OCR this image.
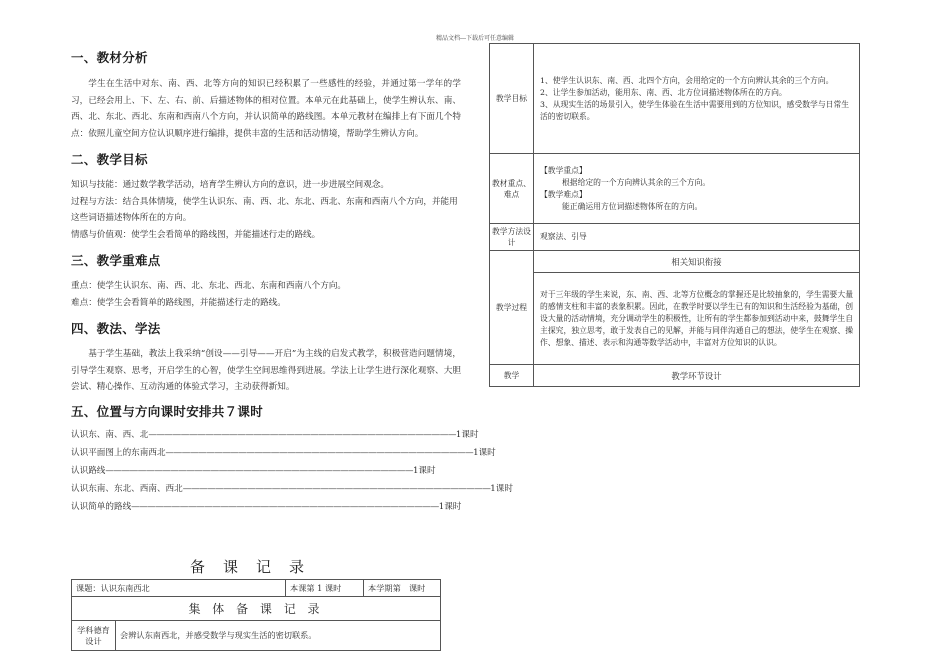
精品文档---下载后可任意编辑
一、教材分析
学生在生活中对东、南、西、北等方向的知识已经积累了一些感性的经验，并通过第一学年的学习，已经会用上、下、左、右、前、后描述物体的相对位置。本单元在此基础上，使学生辨认东、南、西、北、东北、西北、东南和西南八个方向，并认识简单的路线图。本单元教材在编排上有下面几个特点：依照儿童空间方位认识顺序进行编排，提供丰富的生活和活动情境，帮助学生辨认方向。
二、教学目标
知识与技能：通过数学教学活动，培育学生辨认方向的意识，进一步进展空间观念。
过程与方法：结合具体情境，使学生认识东、南、西、北、东北、西北、东南和西南八个方向，并能用这些词语描述物体所在的方向。
情感与价值观：使学生会看简单的路线图，并能描述行走的路线。
三、教学重难点
重点：使学生认识东、南、西、北、东北、西北、东南和西南八个方向。
难点：使学生会看简单的路线图，并能描述行走的路线。
四、教法、学法
基于学生基础，教法上我采纳“创设——引导——开启”为主线的启发式教学，积极营造问题情境，引导学生观察、思考，开启学生的心智，使学生空间思维得到进展。学法上让学生进行深化观察、大胆尝试、精心操作、互动沟通的体验式学习，主动获得新知。
五、位置与方向课时安排共７课时
认识东、南、西、北 —————————————————————————————————————— 1课时
认识平面图上的东南西北 —————————————————————————————————————— 1课时
认识路线 —————————————————————————————————————— 1课时
认识东南、东北、西南、西北 —————————————————————————————————————— 1课时
认识简单的路线 —————————————————————————————————————— 1课时
备课记录
课题：认识东南西北	本课第 1 课时	本学期第　课时
集 体 备 课 记 录
学科德育设计	会辨认东南西北，并感受数学与现实生活的密切联系。
教学目标	1、使学生认识东、南、西、北四个方向，会用给定的一个方向辨认其余的三个方向。
2、让学生参加活动，能用东、南、西、北方位词描述物体所在的方向。
3、从现实生活的场景引入，使学生体验在生活中需要用到的方位知识，感受数学与日常生活的密切联系。

教材重点、难点	【教学重点】
根据给定的一个方向辨认其余的三个方向。
【教学难点】
能正确运用方位词描述物体所在的方向。

教学方法设计	观察法、引导
教学过程	相关知识衔接
	对于三年级的学生来说，东、南、西、北等方位概念的掌握还是比较抽象的，学生需要大量的感情支柱和丰富的表象积累。因此，在教学时要以学生已有的知识和生活经验为基础，创设大量的活动情境，充分调动学生的积极性，让所有的学生都参加到活动中来，鼓舞学生自主探究，独立思考，敢于发表自己的见解，并能与同伴沟通自己的想法，使学生在观察、操作、想象、描述、表示和沟通等数学活动中，丰富对方位知识的认识。
教学	教学环节设计
